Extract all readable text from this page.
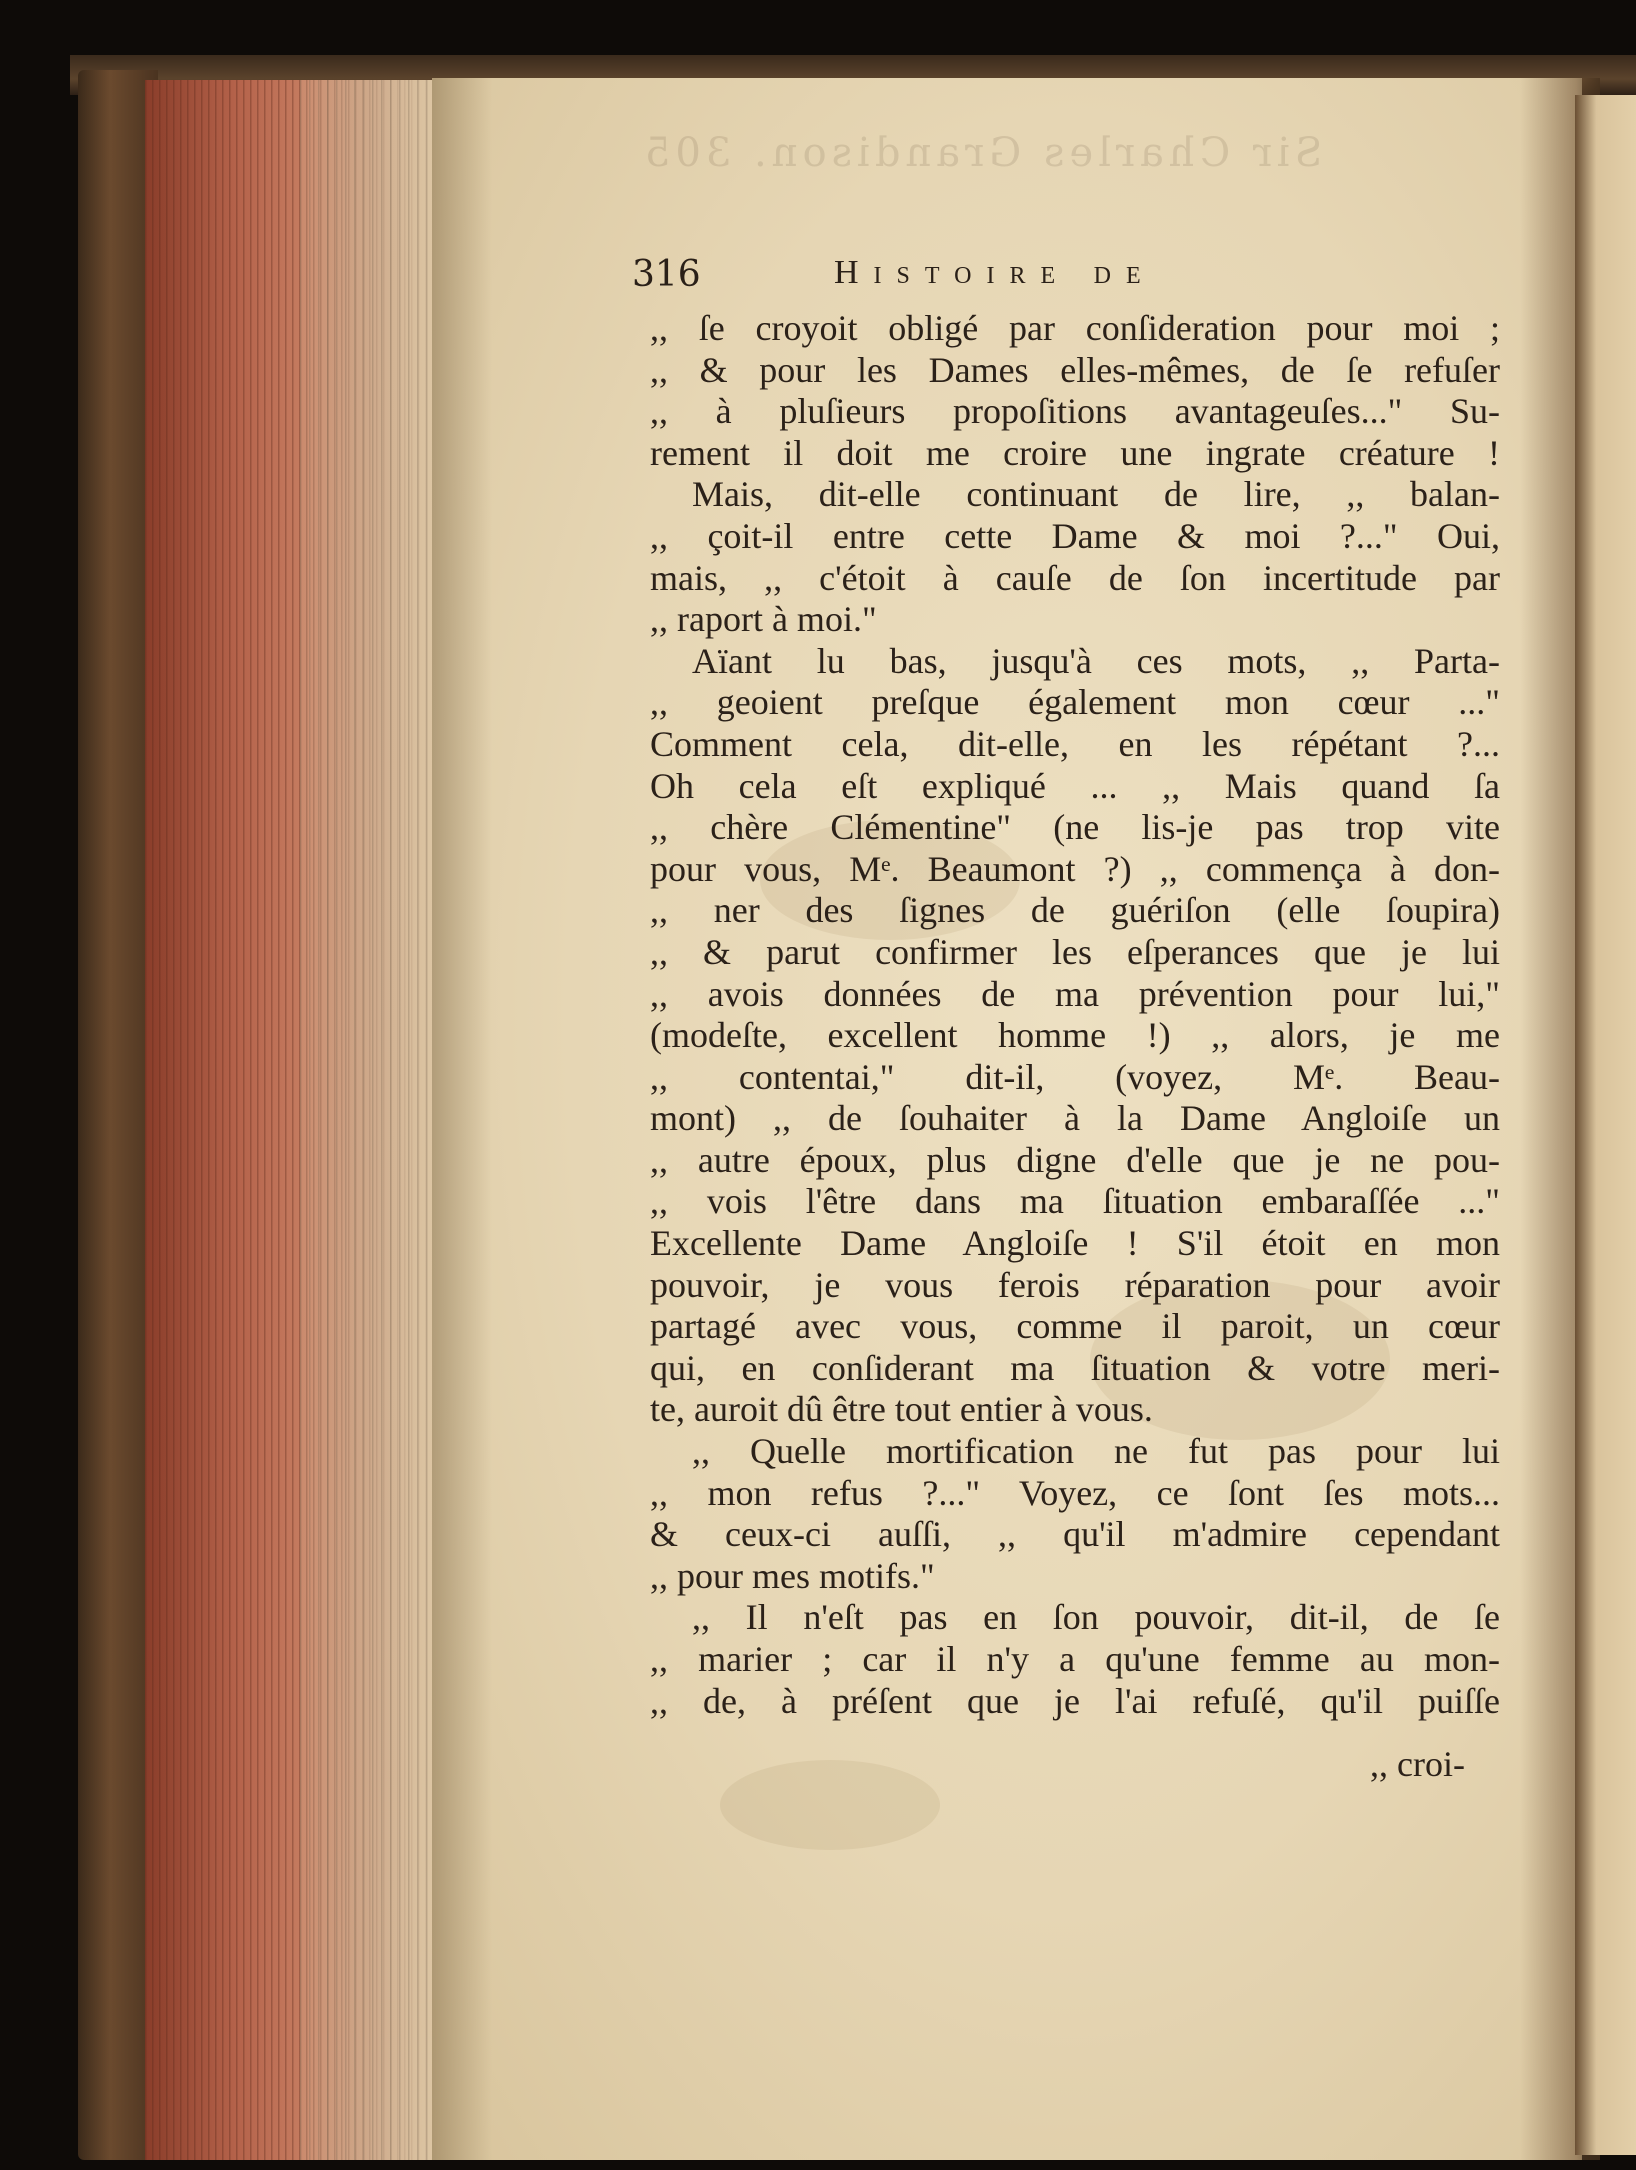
Sir Charles Grandison. 305
316	Histoire de
,, ſe croyoit obligé par conſideration pour moi ;
,, & pour les Dames elles-mêmes, de ſe refuſer
,, à pluſieurs propoſitions avantageuſes..." Su-
rement il doit me croire une ingrate créature !
Mais, dit-elle continuant de lire, ,, balan-
,, çoit-il entre cette Dame & moi ?..." Oui,
mais, ,, c'étoit à cauſe de ſon incertitude par
,, raport à moi."
Aïant lu bas, jusqu'à ces mots, ,, Parta-
,, geoient preſque également mon cœur ..."
Comment cela, dit-elle, en les répétant ?...
Oh cela eſt expliqué ... ,, Mais quand ſa
,, chère Clémentine" (ne lis-je pas trop vite
pour vous, Mᵉ. Beaumont ?) ,, commença à don-
,, ner des ſignes de guériſon (elle ſoupira)
,, & parut confirmer les eſperances que je lui
,, avois données de ma prévention pour lui,"
(modeſte, excellent homme !) ,, alors, je me
,, contentai," dit-il, (voyez, Mᵉ. Beau-
mont) ,, de ſouhaiter à la Dame Angloiſe un
,, autre époux, plus digne d'elle que je ne pou-
,, vois l'être dans ma ſituation embaraſſée ..."
Excellente Dame Angloiſe ! S'il étoit en mon
pouvoir, je vous ferois réparation pour avoir
partagé avec vous, comme il paroit, un cœur
qui, en conſiderant ma ſituation & votre meri-
te, auroit dû être tout entier à vous.
,, Quelle mortification ne fut pas pour lui
,, mon refus ?..." Voyez, ce ſont ſes mots...
& ceux-ci auſſi, ,, qu'il m'admire cependant
,, pour mes motifs."
,, Il n'eſt pas en ſon pouvoir, dit-il, de ſe
,, marier ; car il n'y a qu'une femme au mon-
,, de, à préſent que je l'ai refuſé, qu'il puiſſe
,, croi-
